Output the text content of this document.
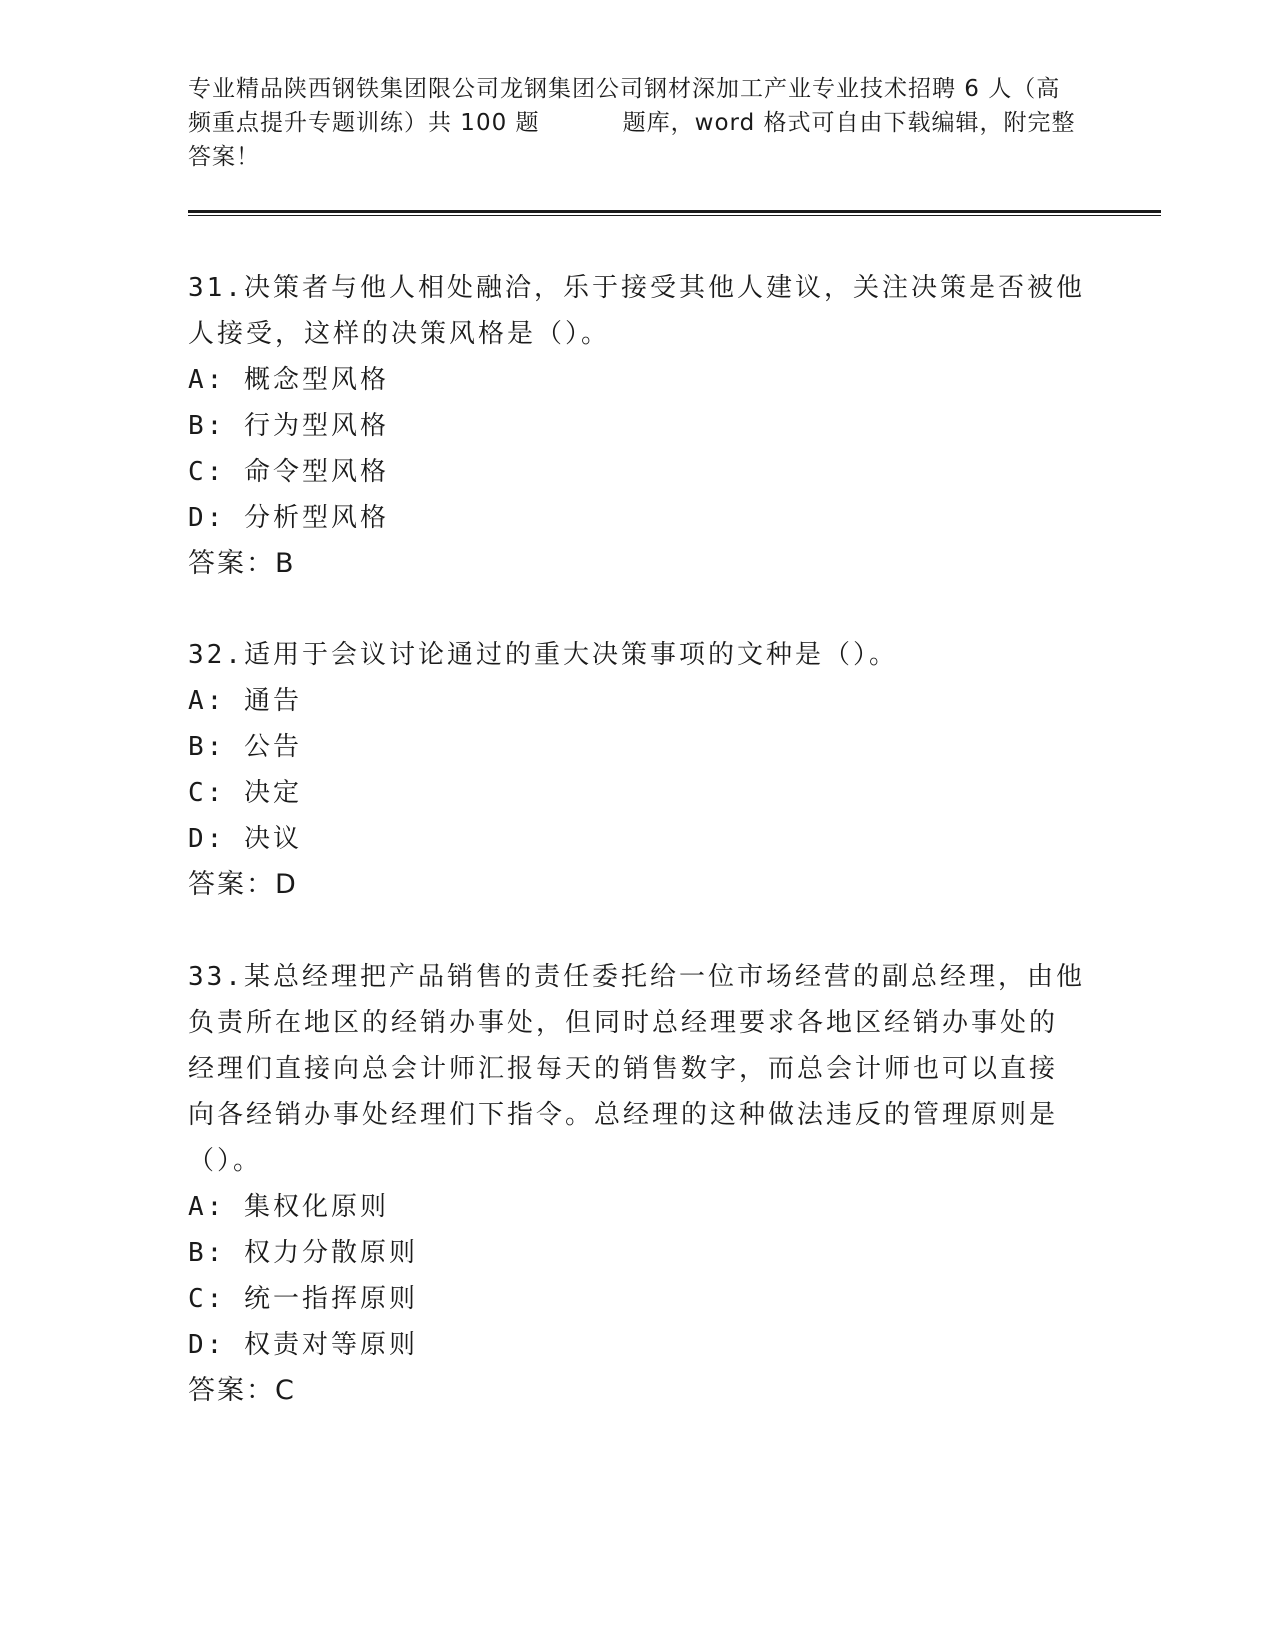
专业精品陕西钢铁集团限公司龙钢集团公司钢材深加工产业专业技术招聘 6 人（高
频重点提升专题训练）共 100 题          题库，word 格式可自由下载编辑，附完整
答案！
31.决策者与他人相处融洽，乐于接受其他人建议，关注决策是否被他
人接受，这样的决策风格是（）。
A: 概念型风格
B: 行为型风格
C: 命令型风格
D: 分析型风格
答案：B
32.适用于会议讨论通过的重大决策事项的文种是（）。
A: 通告
B: 公告
C: 决定
D: 决议
答案：D
33.某总经理把产品销售的责任委托给一位市场经营的副总经理，由他
负责所在地区的经销办事处，但同时总经理要求各地区经销办事处的
经理们直接向总会计师汇报每天的销售数字，而总会计师也可以直接
向各经销办事处经理们下指令。总经理的这种做法违反的管理原则是
（）。
A: 集权化原则
B: 权力分散原则
C: 统一指挥原则
D: 权责对等原则
答案：C
